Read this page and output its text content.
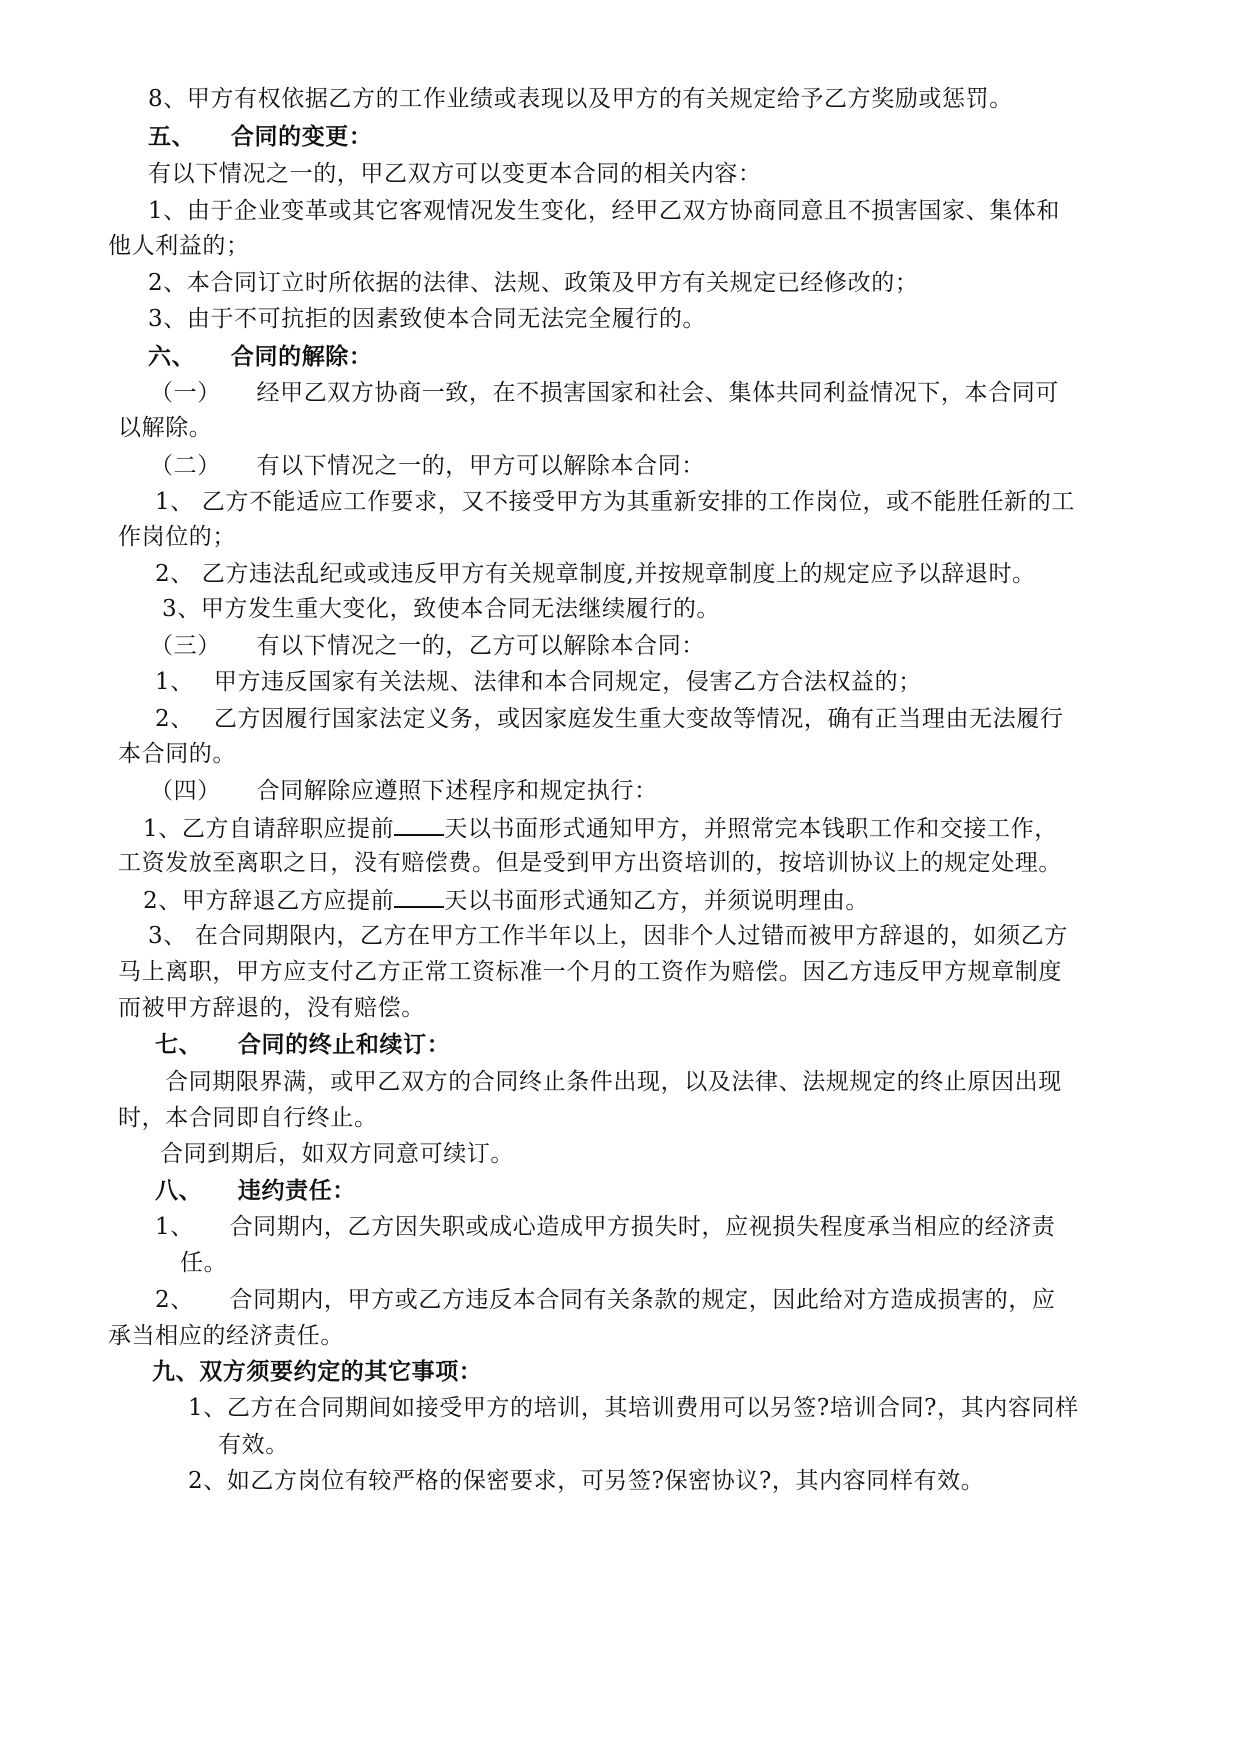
8、甲方有权依据乙方的工作业绩或表现以及甲方的有关规定给予乙方奖励或惩罚。
五、　　合同的变更：
有以下情况之一的，甲乙双方可以变更本合同的相关内容：
1、由于企业变革或其它客观情况发生变化，经甲乙双方协商同意且不损害国家、集体和
他人利益的；
2、本合同订立时所依据的法律、法规、政策及甲方有关规定已经修改的；
3、由于不可抗拒的因素致使本合同无法完全履行的。
六、　　合同的解除：
（一）　　经甲乙双方协商一致，在不损害国家和社会、集体共同利益情况下，本合同可
以解除。
（二）　　有以下情况之一的，甲方可以解除本合同：
1、 乙方不能适应工作要求，又不接受甲方为其重新安排的工作岗位，或不能胜任新的工
作岗位的；
2、 乙方违法乱纪或或违反甲方有关规章制度,并按规章制度上的规定应予以辞退时。
3、甲方发生重大变化，致使本合同无法继续履行的。
（三）　　有以下情况之一的，乙方可以解除本合同：
1、　 甲方违反国家有关法规、法律和本合同规定，侵害乙方合法权益的；
2、　 乙方因履行国家法定义务，或因家庭发生重大变故等情况，确有正当理由无法履行
本合同的。
（四）　　合同解除应遵照下述程序和规定执行：
1、乙方自请辞职应提前 天以书面形式通知甲方，并照常完本钱职工作和交接工作，
工资发放至离职之日，没有赔偿费。但是受到甲方出资培训的，按培训协议上的规定处理。
2、甲方辞退乙方应提前 天以书面形式通知乙方，并须说明理由。
3、 在合同期限内，乙方在甲方工作半年以上，因非个人过错而被甲方辞退的，如须乙方
马上离职，甲方应支付乙方正常工资标准一个月的工资作为赔偿。因乙方违反甲方规章制度
而被甲方辞退的，没有赔偿。
七、　　合同的终止和续订：
合同期限界满，或甲乙双方的合同终止条件出现，以及法律、法规规定的终止原因出现
时，本合同即自行终止。
合同到期后，如双方同意可续订。
八、　　违约责任：
1、　　合同期内，乙方因失职或成心造成甲方损失时，应视损失程度承当相应的经济责
任。
2、　　合同期内，甲方或乙方违反本合同有关条款的规定，因此给对方造成损害的，应
承当相应的经济责任。
九、双方须要约定的其它事项：
1、乙方在合同期间如接受甲方的培训，其培训费用可以另签?培训合同?，其内容同样
有效。
2、如乙方岗位有较严格的保密要求，可另签?保密协议?，其内容同样有效。
